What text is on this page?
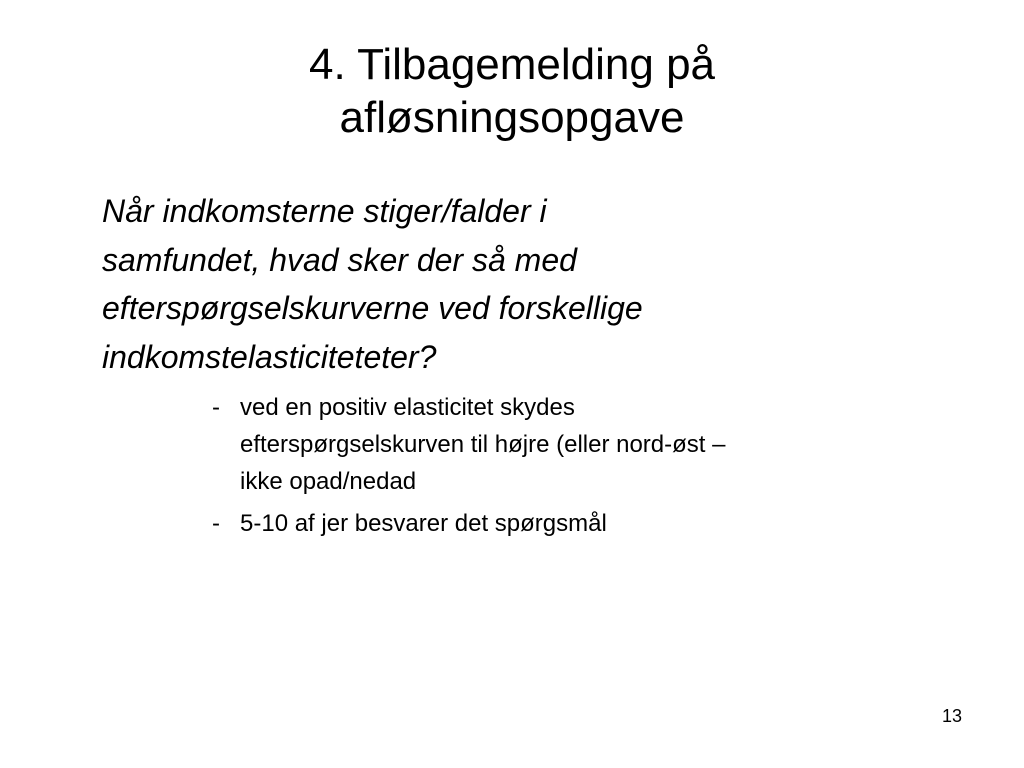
4. Tilbagemelding på
afløsningsopgave

Når indkomsterne stiger/falder i
samfundet, hvad sker der så med
efterspørgselskurverne ved forskellige
indkomstelasticiteteter?

- ved en positiv elasticitet skydes
efterspørgselskurven til højre (eller nord-øst –
ikke opad/nedad
- 5-10 af jer besvarer det spørgsmål
13
